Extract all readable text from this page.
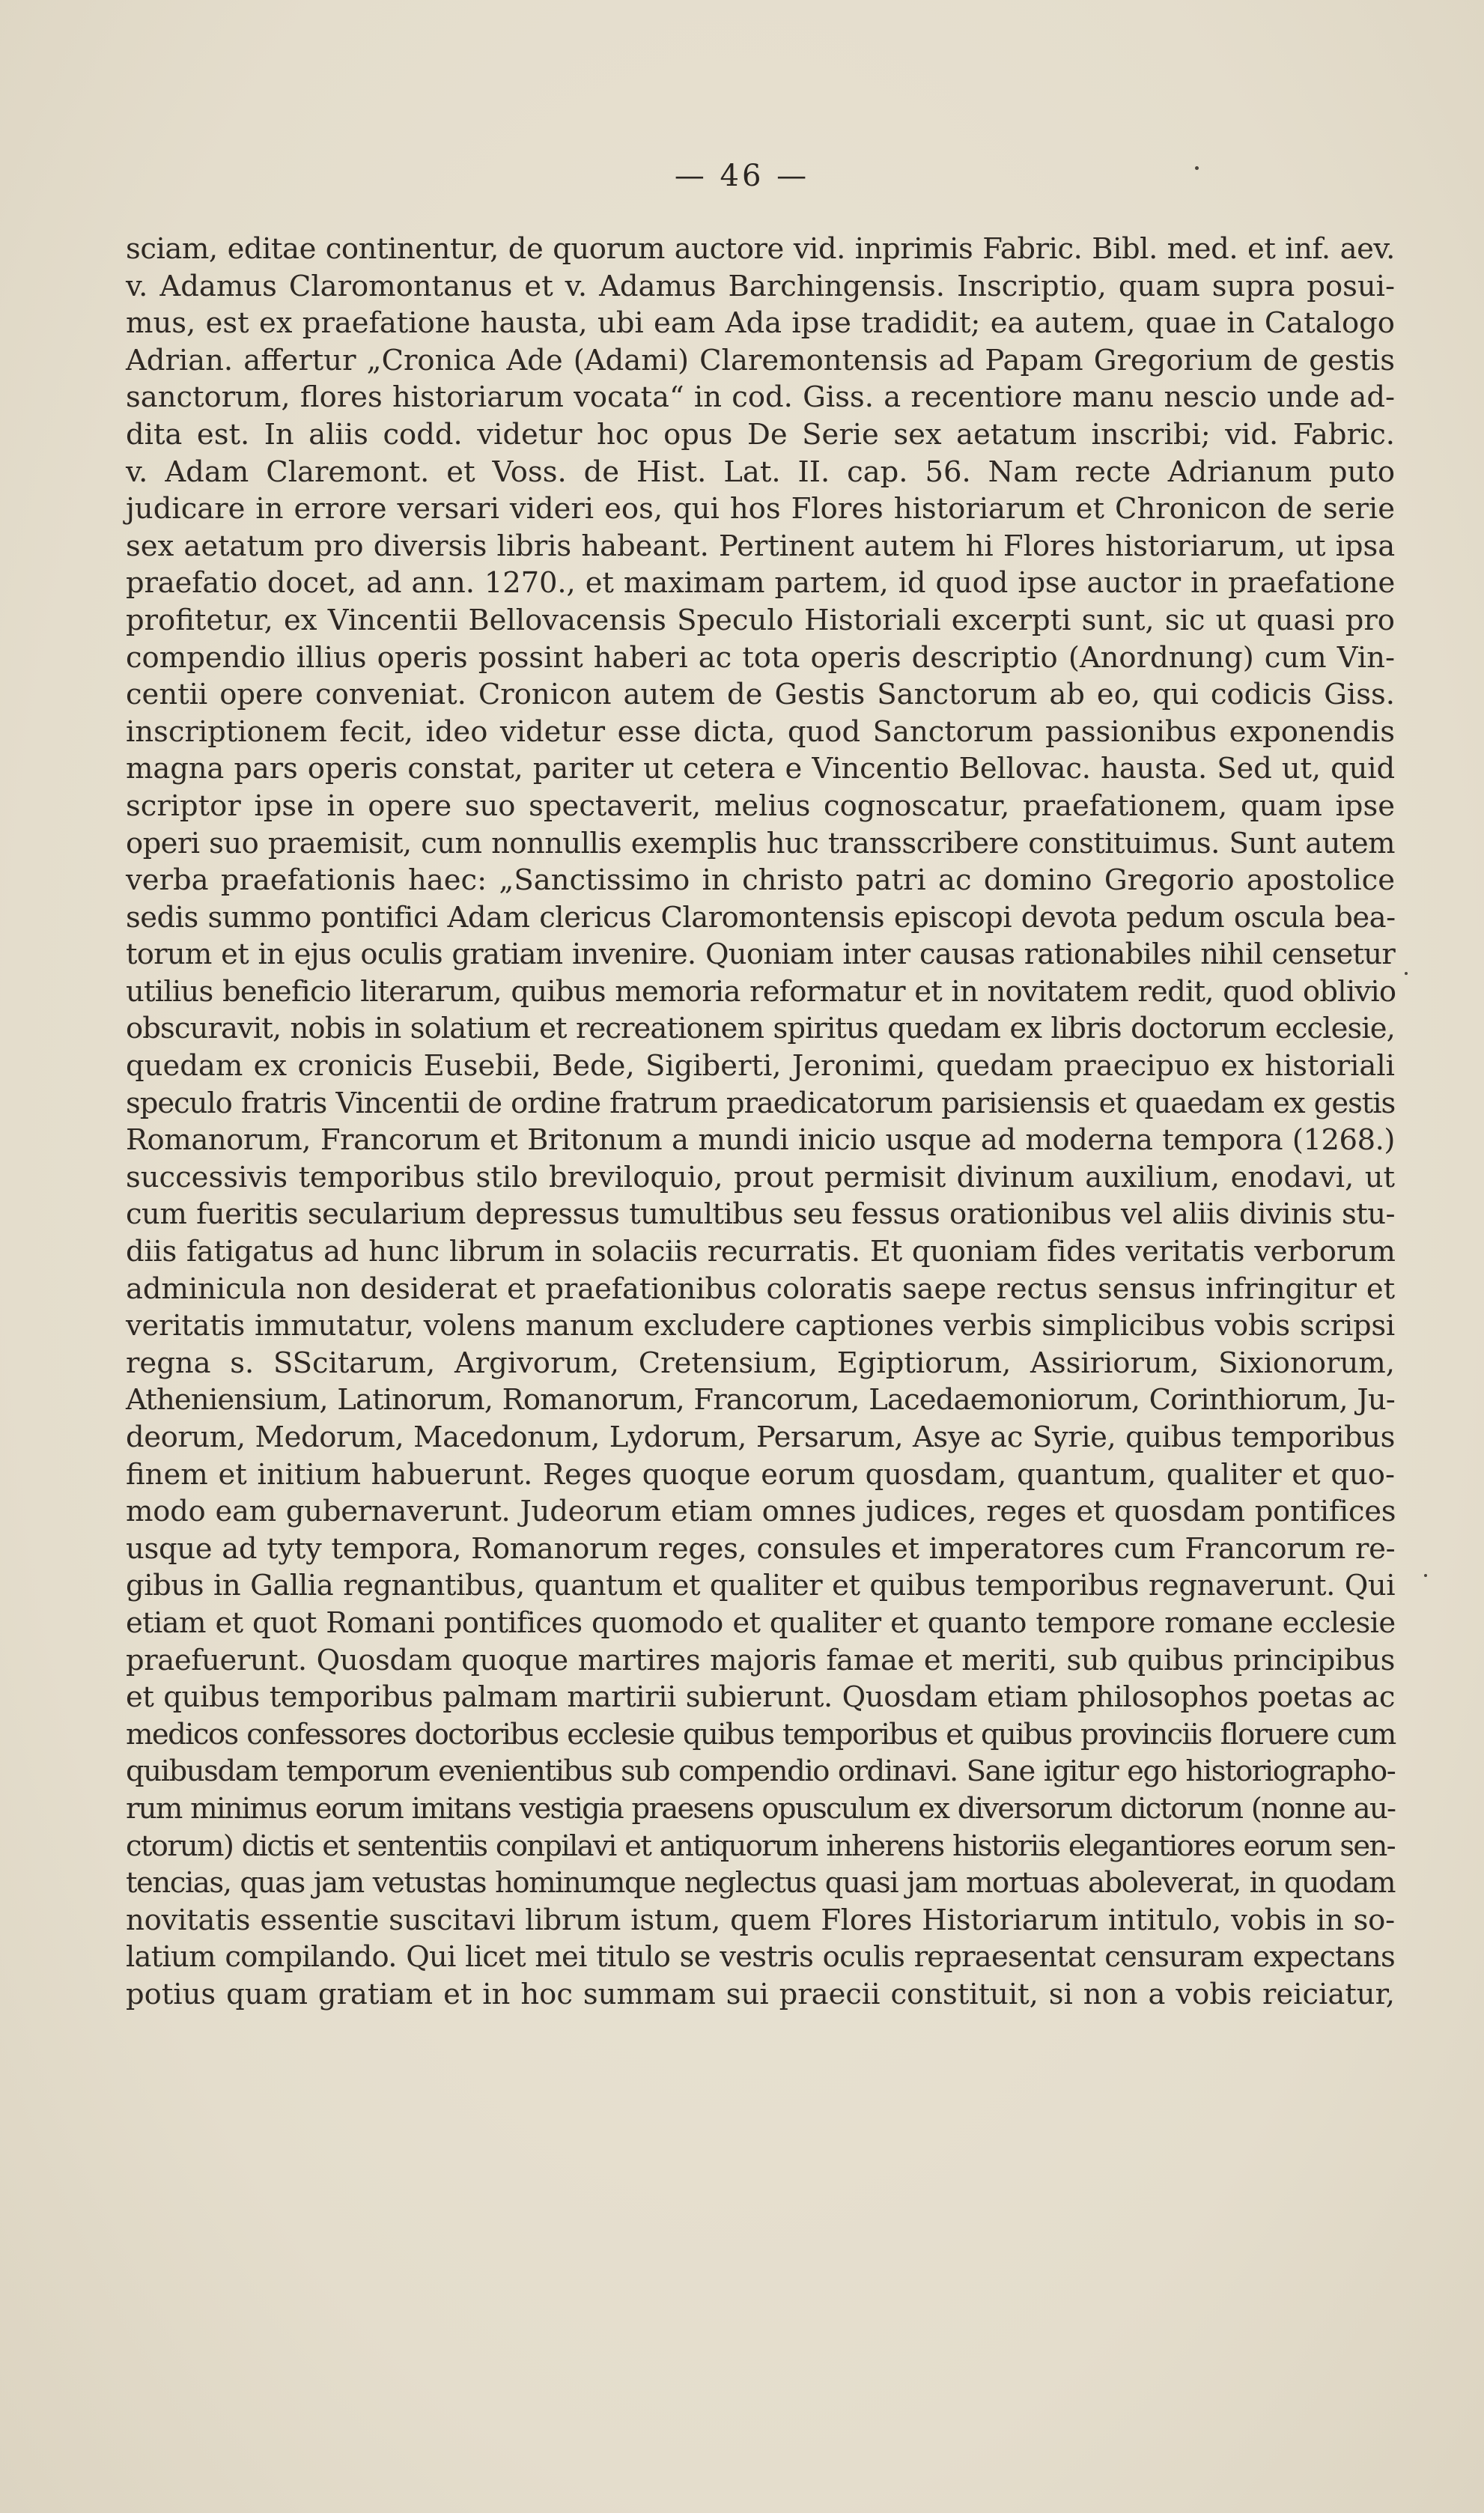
— 46 —
sciam, editae continentur, de quorum auctore vid. inprimis Fabric. Bibl. med. et inf. aev.
v. Adamus Claromontanus et v. Adamus Barchingensis. Inscriptio, quam supra posui-
mus, est ex praefatione hausta, ubi eam Ada ipse tradidit; ea autem, quae in Catalogo
Adrian. affertur „Cronica Ade (Adami) Claremontensis ad Papam Gregorium de gestis
sanctorum, flores historiarum vocata“ in cod. Giss. a recentiore manu nescio unde ad-
dita est. In aliis codd. videtur hoc opus De Serie sex aetatum inscribi; vid. Fabric.
v. Adam Claremont. et Voss. de Hist. Lat. II. cap. 56. Nam recte Adrianum puto
judicare in errore versari videri eos, qui hos Flores historiarum et Chronicon de serie
sex aetatum pro diversis libris habeant. Pertinent autem hi Flores historiarum, ut ipsa
praefatio docet, ad ann. 1270., et maximam partem, id quod ipse auctor in praefatione
profitetur, ex Vincentii Bellovacensis Speculo Historiali excerpti sunt, sic ut quasi pro
compendio illius operis possint haberi ac tota operis descriptio (Anordnung) cum Vin-
centii opere conveniat. Cronicon autem de Gestis Sanctorum ab eo, qui codicis Giss.
inscriptionem fecit, ideo videtur esse dicta, quod Sanctorum passionibus exponendis
magna pars operis constat, pariter ut cetera e Vincentio Bellovac. hausta. Sed ut, quid
scriptor ipse in opere suo spectaverit, melius cognoscatur, praefationem, quam ipse
operi suo praemisit, cum nonnullis exemplis huc transscribere constituimus. Sunt autem
verba praefationis haec: „Sanctissimo in christo patri ac domino Gregorio apostolice
sedis summo pontifici Adam clericus Claromontensis episcopi devota pedum oscula bea-
torum et in ejus oculis gratiam invenire. Quoniam inter causas rationabiles nihil censetur
utilius beneficio literarum, quibus memoria reformatur et in novitatem redit, quod oblivio
obscuravit, nobis in solatium et recreationem spiritus quedam ex libris doctorum ecclesie,
quedam ex cronicis Eusebii, Bede, Sigiberti, Jeronimi, quedam praecipuo ex historiali
speculo fratris Vincentii de ordine fratrum praedicatorum parisiensis et quaedam ex gestis
Romanorum, Francorum et Britonum a mundi inicio usque ad moderna tempora (1268.)
successivis temporibus stilo breviloquio, prout permisit divinum auxilium, enodavi, ut
cum fueritis secularium depressus tumultibus seu fessus orationibus vel aliis divinis stu-
diis fatigatus ad hunc librum in solaciis recurratis. Et quoniam fides veritatis verborum
adminicula non desiderat et praefationibus coloratis saepe rectus sensus infringitur et
veritatis immutatur, volens manum excludere captiones verbis simplicibus vobis scripsi
regna s. SScitarum, Argivorum, Cretensium, Egiptiorum, Assiriorum, Sixionorum,
Atheniensium, Latinorum, Romanorum, Francorum, Lacedaemoniorum, Corinthiorum, Ju-
deorum, Medorum, Macedonum, Lydorum, Persarum, Asye ac Syrie, quibus temporibus
finem et initium habuerunt. Reges quoque eorum quosdam, quantum, qualiter et quo-
modo eam gubernaverunt. Judeorum etiam omnes judices, reges et quosdam pontifices
usque ad tyty tempora, Romanorum reges, consules et imperatores cum Francorum re-
gibus in Gallia regnantibus, quantum et qualiter et quibus temporibus regnaverunt. Qui
etiam et quot Romani pontifices quomodo et qualiter et quanto tempore romane ecclesie
praefuerunt. Quosdam quoque martires majoris famae et meriti, sub quibus principibus
et quibus temporibus palmam martirii subierunt. Quosdam etiam philosophos poetas ac
medicos confessores doctoribus ecclesie quibus temporibus et quibus provinciis floruere cum
quibusdam temporum evenientibus sub compendio ordinavi. Sane igitur ego historiographo-
rum minimus eorum imitans vestigia praesens opusculum ex diversorum dictorum (nonne au-
ctorum) dictis et sententiis conpilavi et antiquorum inherens historiis elegantiores eorum sen-
tencias, quas jam vetustas hominumque neglectus quasi jam mortuas aboleverat, in quodam
novitatis essentie suscitavi librum istum, quem Flores Historiarum intitulo, vobis in so-
latium compilando. Qui licet mei titulo se vestris oculis repraesentat censuram expectans
potius quam gratiam et in hoc summam sui praecii constituit, si non a vobis reiciatur,
